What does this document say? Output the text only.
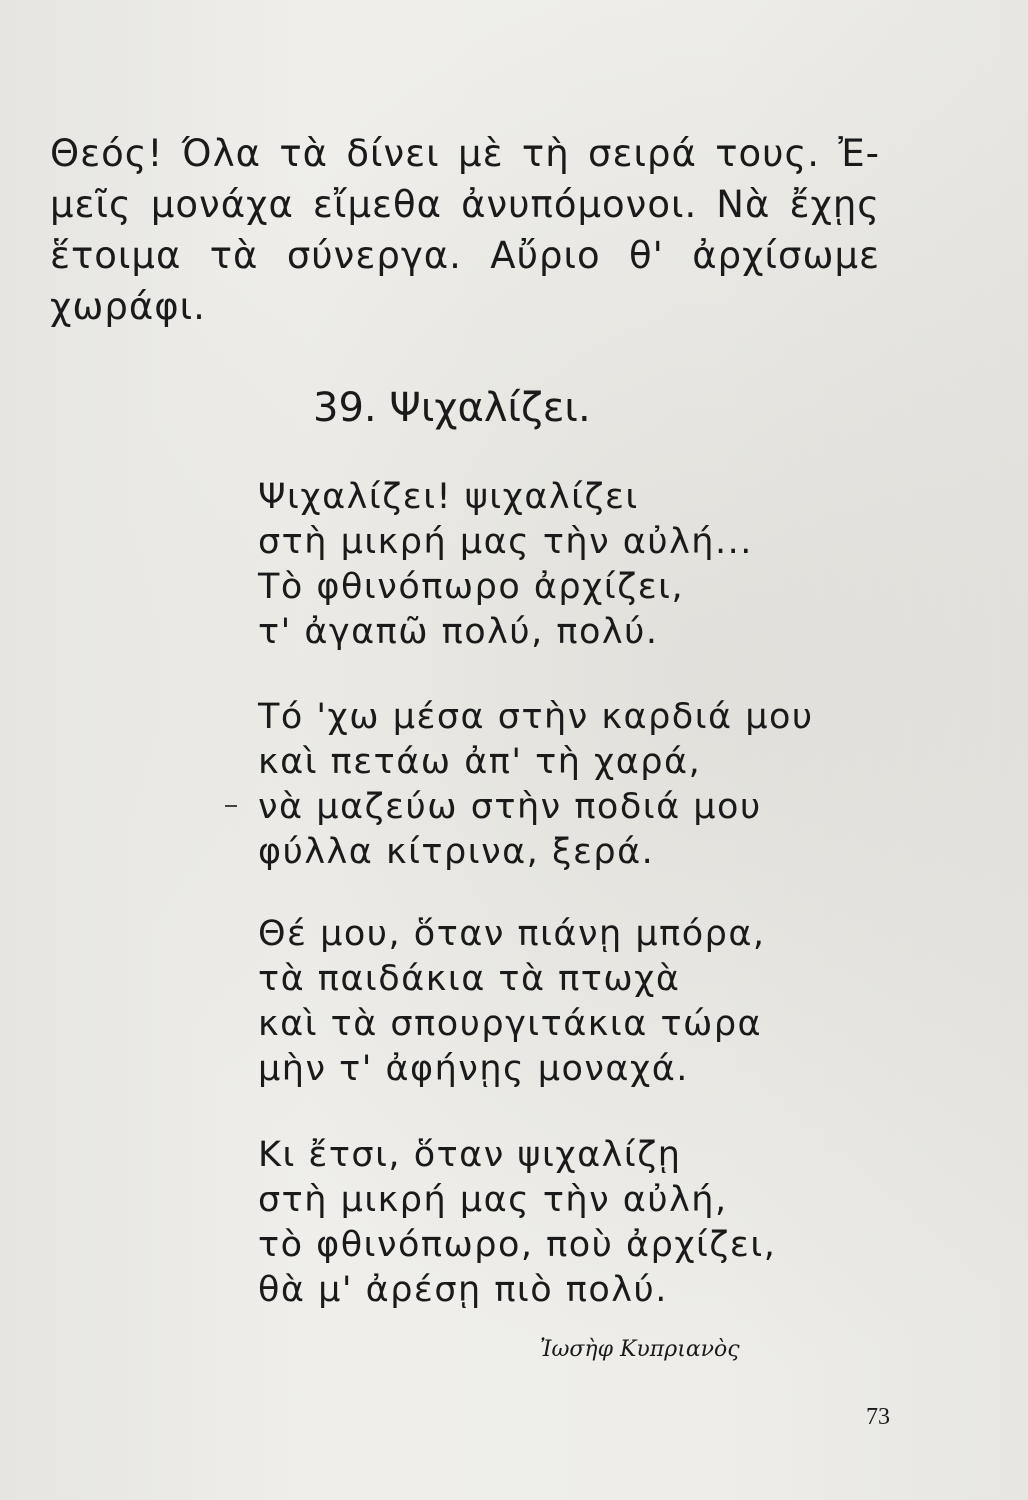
Θεός! Όλα τὰ δίνει μὲ τὴ σειρά τους. Ἐ-
μεῖς μονάχα εἴμεθα ἀνυπόμονοι. Νὰ ἔχῃς
ἕτοιμα τὰ σύνεργα. Αὔριο θ' ἀρχίσωμε
χωράφι.
39. Ψιχαλίζει.
Ψιχαλίζει! ψιχαλίζει
στὴ μικρή μας τὴν αὐλή...
Τὸ φθινόπωρο ἀρχίζει,
τ' ἀγαπῶ πολύ, πολύ.
Τό 'χω μέσα στὴν καρδιά μου
καὶ πετάω ἀπ' τὴ χαρά,
νὰ μαζεύω στὴν ποδιά μου
φύλλα κίτρινα, ξερά.
Θέ μου, ὅταν πιάνῃ μπόρα,
τὰ παιδάκια τὰ πτωχὰ
καὶ τὰ σπουργιτάκια τώρα
μὴν τ' ἀφήνῃς μοναχά.
Κι ἔτσι, ὅταν ψιχαλίζῃ
στὴ μικρή μας τὴν αὐλή,
τὸ φθινόπωρο, ποὺ ἀρχίζει,
θὰ μ' ἀρέσῃ πιὸ πολύ.
Ἰωσὴφ Κυπριανὸς
73
